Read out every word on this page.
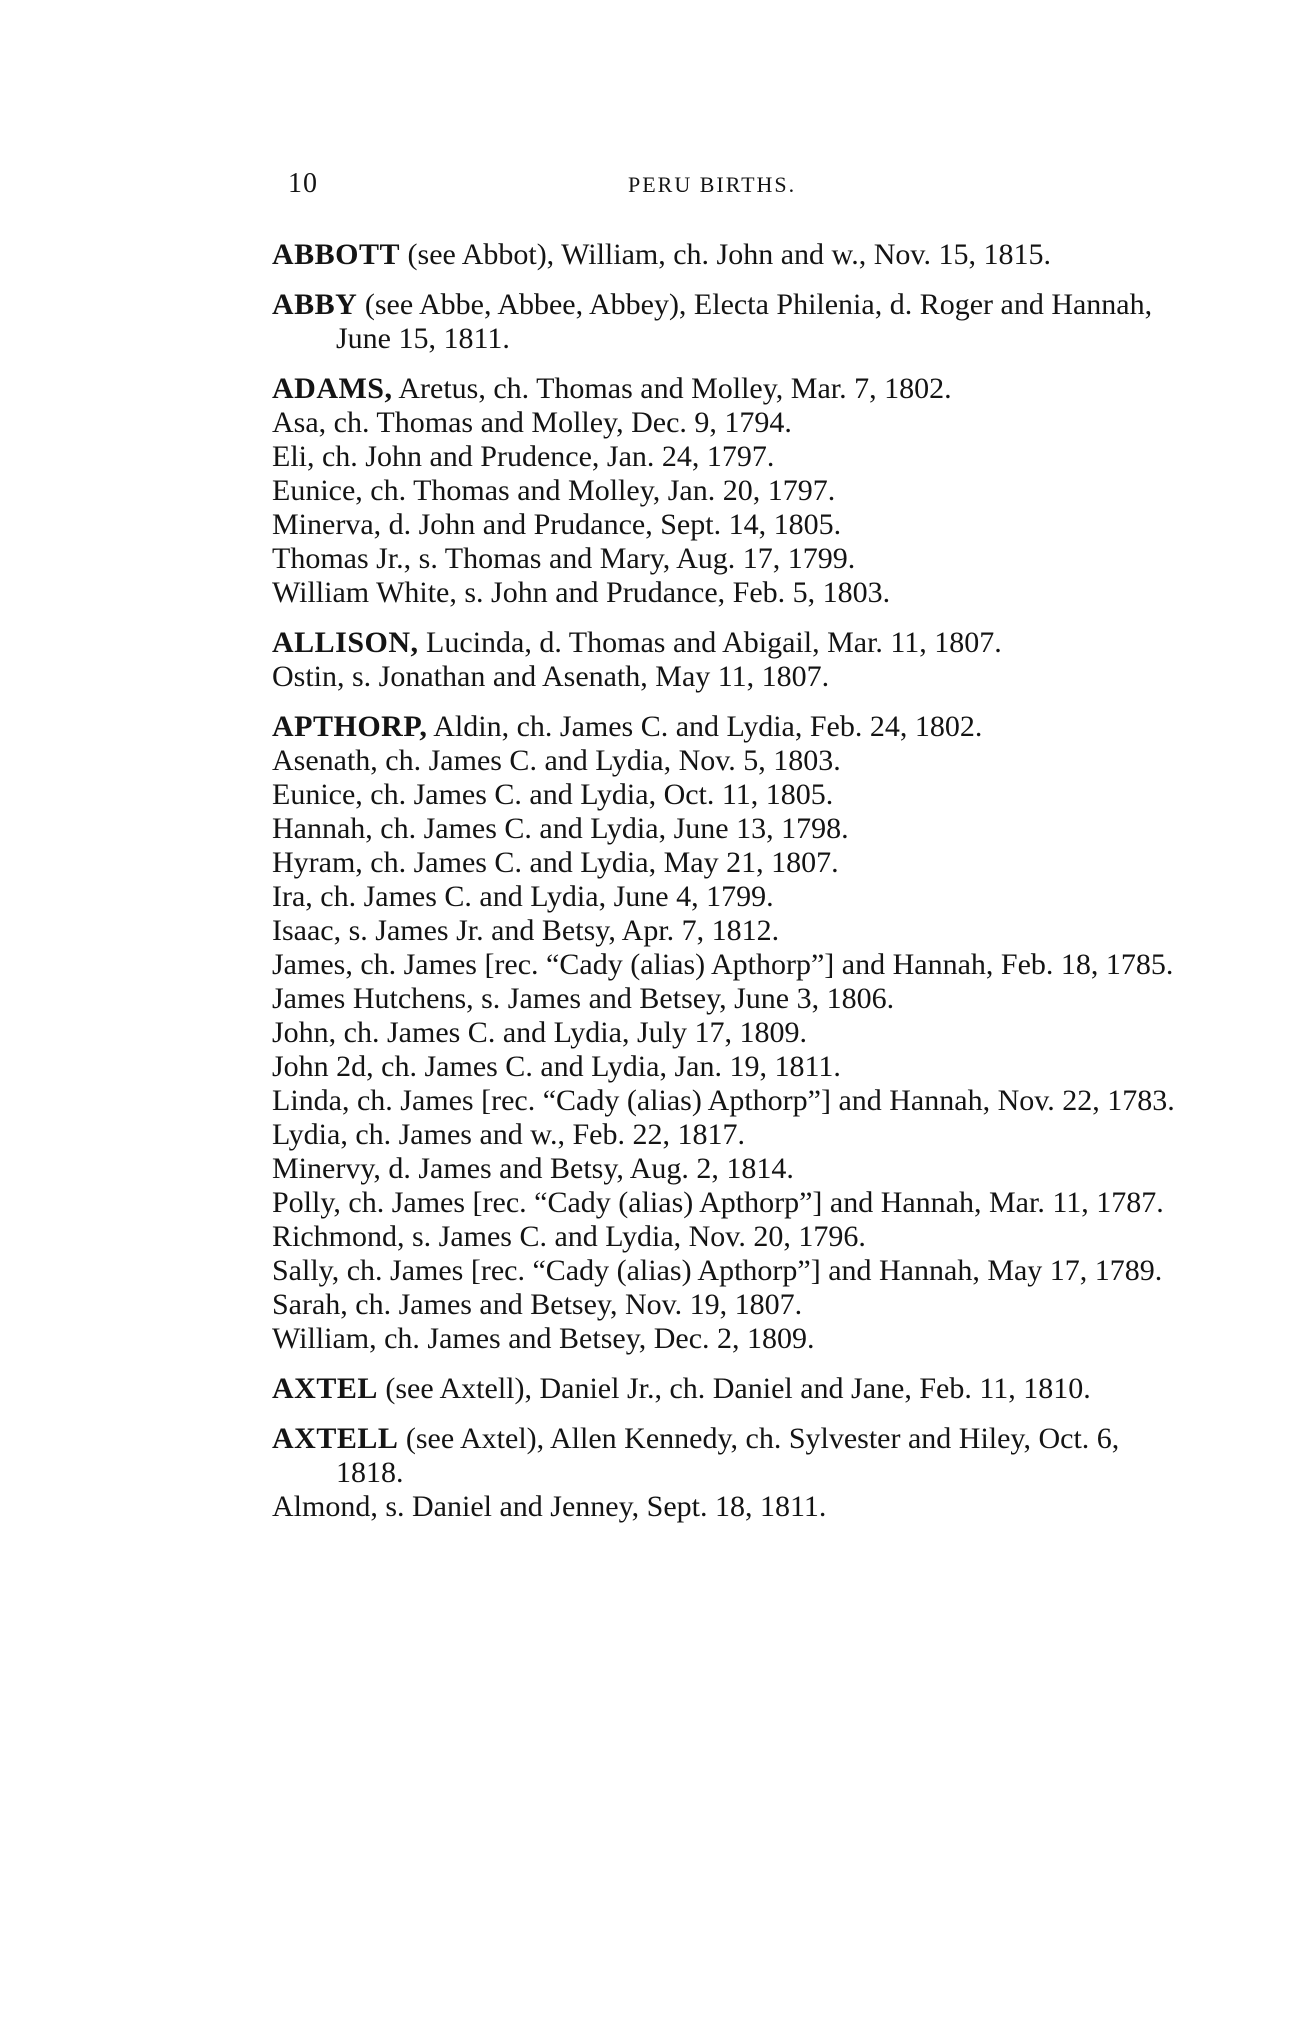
10	PERU BIRTHS.
ABBOTT (see Abbot), William, ch. John and w., Nov. 15, 1815.
ABBY (see Abbe, Abbee, Abbey), Electa Philenia, d. Roger and Hannah, June 15, 1811.
ADAMS, Aretus, ch. Thomas and Molley, Mar. 7, 1802.
Asa, ch. Thomas and Molley, Dec. 9, 1794.
Eli, ch. John and Prudence, Jan. 24, 1797.
Eunice, ch. Thomas and Molley, Jan. 20, 1797.
Minerva, d. John and Prudance, Sept. 14, 1805.
Thomas Jr., s. Thomas and Mary, Aug. 17, 1799.
William White, s. John and Prudance, Feb. 5, 1803.
ALLISON, Lucinda, d. Thomas and Abigail, Mar. 11, 1807.
Ostin, s. Jonathan and Asenath, May 11, 1807.
APTHORP, Aldin, ch. James C. and Lydia, Feb. 24, 1802.
Asenath, ch. James C. and Lydia, Nov. 5, 1803.
Eunice, ch. James C. and Lydia, Oct. 11, 1805.
Hannah, ch. James C. and Lydia, June 13, 1798.
Hyram, ch. James C. and Lydia, May 21, 1807.
Ira, ch. James C. and Lydia, June 4, 1799.
Isaac, s. James Jr. and Betsy, Apr. 7, 1812.
James, ch. James [rec. “Cady (alias) Apthorp”] and Hannah, Feb. 18, 1785.
James Hutchens, s. James and Betsey, June 3, 1806.
John, ch. James C. and Lydia, July 17, 1809.
John 2d, ch. James C. and Lydia, Jan. 19, 1811.
Linda, ch. James [rec. “Cady (alias) Apthorp”] and Hannah, Nov. 22, 1783.
Lydia, ch. James and w., Feb. 22, 1817.
Minervy, d. James and Betsy, Aug. 2, 1814.
Polly, ch. James [rec. “Cady (alias) Apthorp”] and Hannah, Mar. 11, 1787.
Richmond, s. James C. and Lydia, Nov. 20, 1796.
Sally, ch. James [rec. “Cady (alias) Apthorp”] and Hannah, May 17, 1789.
Sarah, ch. James and Betsey, Nov. 19, 1807.
William, ch. James and Betsey, Dec. 2, 1809.
AXTEL (see Axtell), Daniel Jr., ch. Daniel and Jane, Feb. 11, 1810.
AXTELL (see Axtel), Allen Kennedy, ch. Sylvester and Hiley, Oct. 6, 1818.
Almond, s. Daniel and Jenney, Sept. 18, 1811.
